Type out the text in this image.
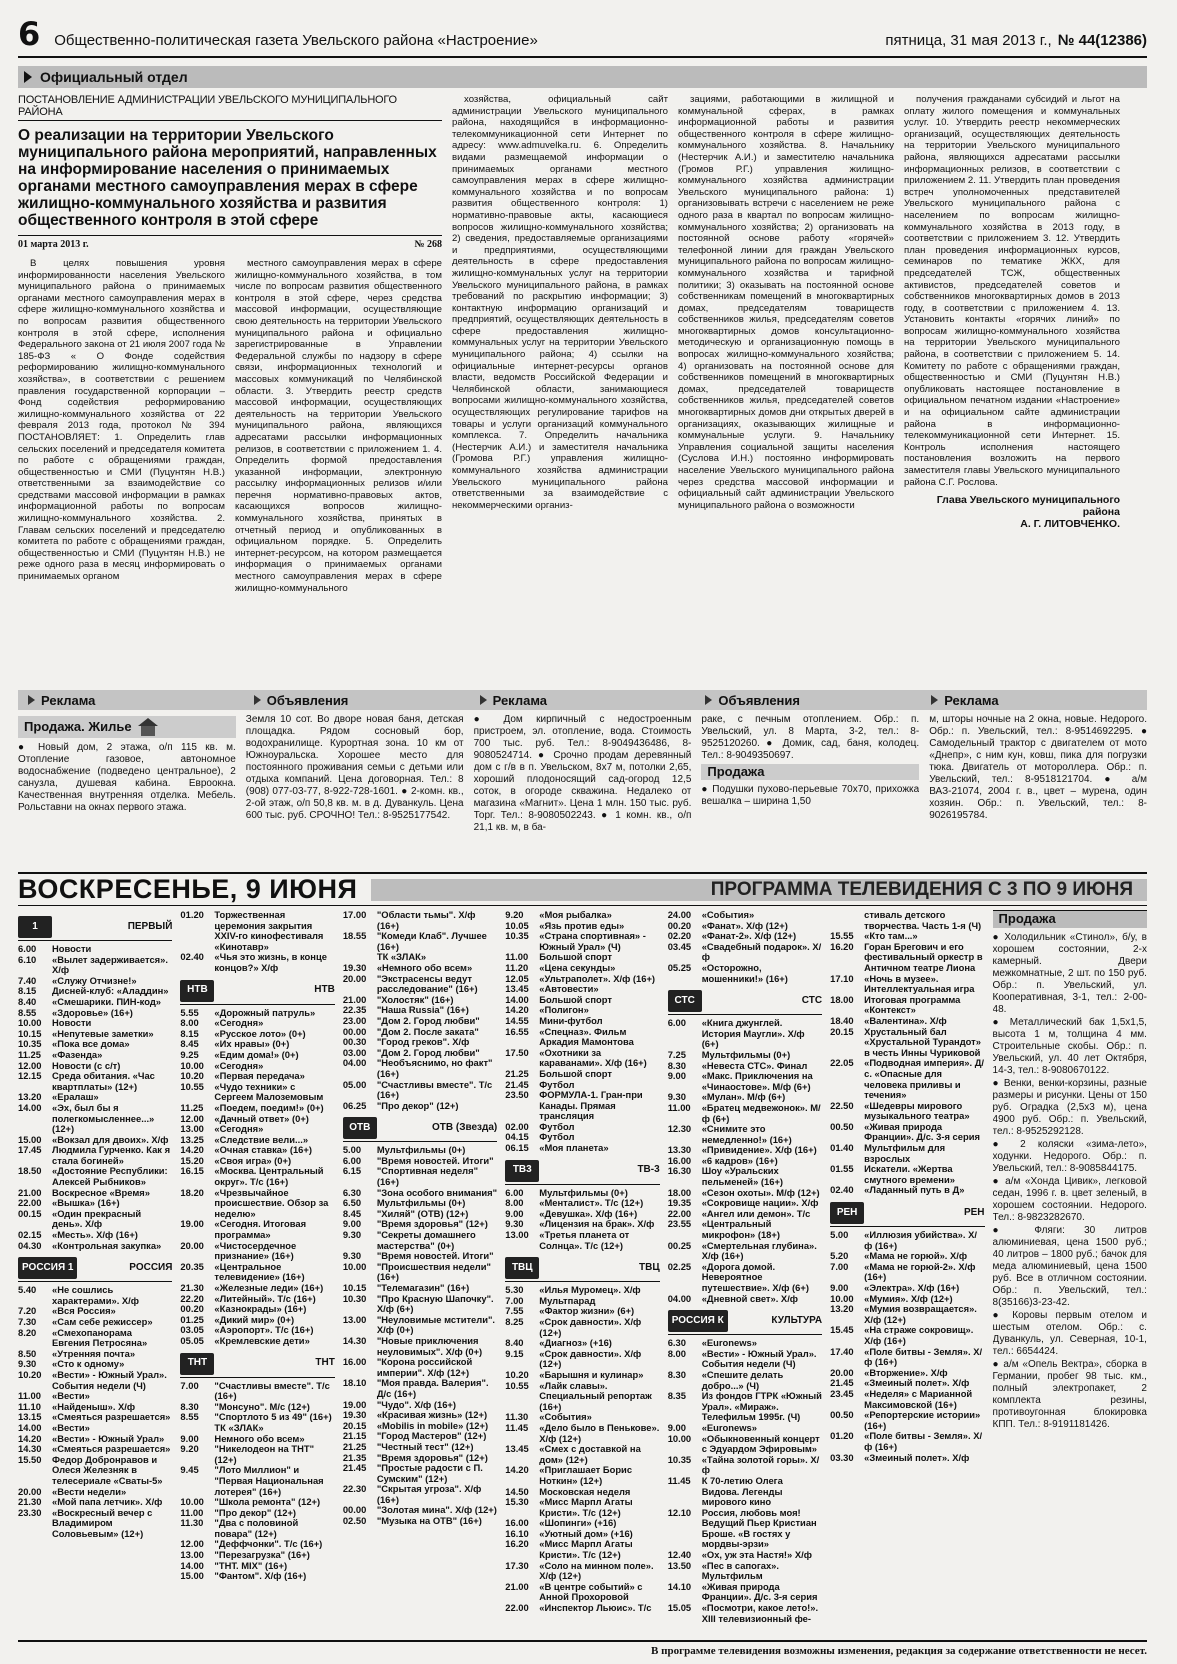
6 Общественно-политическая газета Увельского района «Настроение»	пятница, 31 мая 2013 г., № 44(12386)
Официальный отдел
ПОСТАНОВЛЕНИЕ АДМИНИСТРАЦИИ УВЕЛЬСКОГО МУНИЦИПАЛЬНОГО РАЙОНА
О реализации на территории Увельского муниципального района мероприятий, направленных на информирование населения о принимаемых органами местного самоуправления мерах в сфере жилищно-коммунального хозяйства и развития общественного контроля в этой сфере
01 марта 2013 г.	№ 268

В целях повышения уровня информированности населения Увельского муниципального района о принимаемых органами местного самоуправления мерах в сфере жилищно-коммунального хозяйства и по вопросам развития общественного контроля в этой сфере, исполнения Федерального закона от 21 июля 2007 года № 185-ФЗ « О Фонде содействия реформированию жилищно-коммунального хозяйства», в соответствии с решением правления государственной корпорации – Фонд содействия реформированию жилищно-коммунального хозяйства от 22 февраля 2013 года, протокол № 394 ПОСТАНОВЛЯЕТ: 1. Определить глав сельских поселений и председателя комитета по работе с обращениями граждан, общественностью и СМИ (Пуцунтян Н.В.) ответственными за взаимодействие со средствами массовой информации в рамках информационной работы по вопросам жилищно-коммунального хозяйства. 2. Главам сельских поселений и председателю комитета по работе с обращениями граждан, общественностью и СМИ (Пуцунтян Н.В.) не реже одного раза в месяц информировать о принимаемых органом

местного самоуправления мерах в сфере жилищно-коммунального хозяйства, в том числе по вопросам развития общественного контроля в этой сфере, через средства массовой информации, осуществляющие свою деятельность на территории Увельского муниципального района и официально зарегистрированные в Управлении Федеральной службы по надзору в сфере связи, информационных технологий и массовых коммуникаций по Челябинской области. 3. Утвердить реестр средств массовой информации, осуществляющих деятельность на территории Увельского муниципального района, являющихся адресатами рассылки информационных релизов, в соответствии с приложением 1. 4. Определить формой предоставления указанной информации, электронную рассылку информационных релизов и/или перечня нормативно-правовых актов, касающихся вопросов жилищно-коммунального хозяйства, принятых в отчетный период и опубликованных в официальном порядке. 5. Определить интернет-ресурсом, на котором размещается информация о принимаемых органами местного самоуправления мерах в сфере жилищно-коммунального

хозяйства, официальный сайт администрации Увельского муниципального района, находящийся в информационно-телекоммуникационной сети Интернет по адресу: www.admuvelka.ru. 6. Определить видами размещаемой информации о принимаемых органами местного самоуправления мерах в сфере жилищно-коммунального хозяйства и по вопросам развития общественного контроля: 1) нормативно-правовые акты, касающиеся вопросов жилищно-коммунального хозяйства; 2) сведения, предоставляемые организациями и предприятиями, осуществляющими деятельность в сфере предоставления жилищно-коммунальных услуг на территории Увельского муниципального района, в рамках требований по раскрытию информации; 3) контактную информацию организаций и предприятий, осуществляющих деятельность в сфере предоставления жилищно-коммунальных услуг на территории Увельского муниципального района; 4) ссылки на официальные интернет-ресурсы органов власти, ведомств Российской Федерации и Челябинской области, занимающиеся вопросами жилищно-коммунального хозяйства, осуществляющих регулирование тарифов на товары и услуги организаций коммунального комплекса. 7. Определить начальника (Нестерчик А.И.) и заместителя начальника (Громова Р.Г.) управления жилищно-коммунального хозяйства администрации Увельского муниципального района ответственными за взаимодействие с некоммерческими организ-

зациями, работающими в жилищной и коммунальной сферах, в рамках информационной работы и развития общественного контроля в сфере жилищно-коммунального хозяйства. 8. Начальнику (Нестерчик А.И.) и заместителю начальника (Громов Р.Г.) управления жилищно-коммунального хозяйства администрации Увельского муниципального района: 1) организовывать встречи с населением не реже одного раза в квартал по вопросам жилищно-коммунального хозяйства; 2) организовать на постоянной основе работу «горячей» телефонной линии для граждан Увельского муниципального района по вопросам жилищно-коммунального хозяйства и тарифной политики; 3) оказывать на постоянной основе собственникам помещений в многоквартирных домах, председателям товариществ собственников жилья, председателям советов многоквартирных домов консультационно-методическую и организационную помощь в вопросах жилищно-коммунального хозяйства; 4) организовать на постоянной основе для собственников помещений в многоквартирных домах, председателей товариществ собственников жилья, председателей советов многоквартирных домов дни открытых дверей в организациях, оказывающих жилищные и коммунальные услуги. 9. Начальнику Управления социальной защиты населения (Суслова И.Н.) постоянно информировать население Увельского муниципального района через средства массовой информации и официальный сайт администрации Увельского муниципального района о возможности

получения гражданами субсидий и льгот на оплату жилого помещения и коммунальных услуг. 10. Утвердить реестр некоммерческих организаций, осуществляющих деятельность на территории Увельского муниципального района, являющихся адресатами рассылки информационных релизов, в соответствии с приложением 2. 11. Утвердить план проведения встреч уполномоченных представителей Увельского муниципального района с населением по вопросам жилищно-коммунального хозяйства в 2013 году, в соответствии с приложением 3. 12. Утвердить план проведения информационных курсов, семинаров по тематике ЖКХ, для председателей ТСЖ, общественных активистов, председателей советов и собственников многоквартирных домов в 2013 году, в соответствии с приложением 4. 13. Установить контакты «горячих линий» по вопросам жилищно-коммунального хозяйства на территории Увельского муниципального района, в соответствии с приложением 5. 14. Комитету по работе с обращениями граждан, общественностью и СМИ (Пуцунтян Н.В.) опубликовать настоящее постановление в официальном печатном издании «Настроение» и на официальном сайте администрации района в информационно-телекоммуникационной сети Интернет. 15. Контроль исполнения настоящего постановления возложить на первого заместителя главы Увельского муниципального района С.Г. Рослова.

Глава Увельского муниципального района
А. Г. ЛИТОВЧЕНКО.
Реклама	Объявления	Реклама	Объявления	Реклама
Продажа. Жилье
● Новый дом, 2 этажа, о/п 115 кв. м. Отопление газовое, автономное водоснабжение (подведено центральное), 2 санузла, душевая кабина. Евроокна. Качественная внутренняя отделка. Мебель. Рольставни на окнах первого этажа.
Земля 10 сот. Во дворе новая баня, детская площадка. Рядом сосновый бор, водохранилище. Курортная зона. 10 км от Южноуральска. Хорошее место для постоянного проживания семьи с детьми или отдыха компаний. Цена договорная. Тел.: 8 (908) 077-03-77, 8-922-728-1601. ● 2-комн. кв., 2-ой этаж, о/п 50,8 кв. м. в д. Дуванкуль. Цена 600 тыс. руб. СРОЧНО! Тел.: 8-9525177542.
● Дом кирпичный с недостроенным пристроем, эл. отопление, вода. Стоимость 700 тыс. руб. Тел.: 8-9049436486, 8-9080524714. ● Срочно продам деревянный дом с г/в в п. Увельском, 8х7 м, потолки 2,65, хороший плодоносящий сад-огород 12,5 соток, в огороде скважина. Недалеко от магазина «Магнит». Цена 1 млн. 150 тыс. руб. Торг. Тел.: 8-9080502243. ● 1 комн. кв., о/п 21,1 кв. м, в ба-
раке, с печным отоплением. Обр.: п. Увельский, ул. 8 Марта, 3-2, тел.: 8-9525120260. ● Домик, сад, баня, колодец. Тел.: 8-9049350697.
Продажа
● Подушки пухово-перьевые 70х70, прихожка вешалка – ширина 1,50
м, шторы ночные на 2 окна, новые. Недорого. Обр.: п. Увельский, тел.: 8-9514692295. ● Самодельный трактор с двигателем от мото «Днепр», с ним кун, ковш, пика для погрузки тюка. Двигатель от мотороллера. Обр.: п. Увельский, тел.: 8-9518121704. ● а/м ВАЗ-21074, 2004 г. в., цвет – мурена, один хозяин. Обр.: п. Увельский, тел.: 8-9026195784.
ВОСКРЕСЕНЬЕ, 9 ИЮНЯ	ПРОГРАММА ТЕЛЕВИДЕНИЯ С 3 ПО 9 ИЮНЯ
1	ПЕРВЫЙ
6.00	Новости
6.10	«Вылет задерживается». Х/ф
7.40	«Служу Отчизне!»
8.15	Дисней-клуб: «Аладдин»
8.40	«Смешарики. ПИН-код»
8.55	«Здоровье» (16+)
10.00	Новости
10.15	«Непутевые заметки»
10.35	«Пока все дома»
11.25	«Фазенда»
12.00	Новости (с с/т)
12.15	Среда обитания. «Час квартплаты» (12+)
13.20	«Ералаш»
14.00	«Эх, был бы я полегкомысленнее...» (12+)
15.00	«Вокзал для двоих». Х/ф
17.45	Людмила Гурченко. Как я стала богиней»
18.50	«Достояние Республики: Алексей Рыбников»
21.00	Воскресное «Время»
22.00	«Вышка» (16+)
00.15	«Один прекрасный день». Х/ф
02.15	«Месть». Х/ф (16+)
04.30	«Контрольная закупка»
РОССИЯ 1	РОССИЯ
5.40	«Не сошлись характерами». Х/ф
7.20	«Вся Россия»
7.30	«Сам себе режиссер»
8.20	«Смехопанорама Евгения Петросяна»
8.50	«Утренняя почта»
9.30	«Сто к одному»
10.20	«Вести» - Южный Урал». События недели (Ч)
11.00	«Вести»
11.10	«Найденыш». Х/ф
13.15	«Смеяться разрешается»
14.00	«Вести»
14.20	«Вести» - Южный Урал»
14.30	«Смеяться разрешается»
15.50	Федор Добронравов и Олеся Железняк в телесериале «Сваты-5»
20.00	«Вести недели»
21.30	«Мой папа летчик». Х/ф
23.30	«Воскресный вечер с Владимиром Соловьевым» (12+)
01.20	Торжественная церемония закрытия XXIV-го кинофестиваля «Кинотавр»
02.40	«Чья это жизнь, в конце концов?» Х/ф
НТВ	НТВ
5.55	«Дорожный патруль»
8.00	«Сегодня»
8.15	«Русское лото» (0+)
8.45	«Их нравы» (0+)
9.25	«Едим дома!» (0+)
10.00	«Сегодня»
10.20	«Первая передача»
10.55	«Чудо техники» с Сергеем Малоземовым
11.25	«Поедем, поедим!» (0+)
12.00	«Дачный ответ» (0+)
13.00	«Сегодня»
13.25	«Следствие вели...»
14.20	«Очная ставка» (16+)
15.20	«Своя игра» (0+)
16.15	«Москва. Центральный округ». Т/с (16+)
18.20	«Чрезвычайное происшествие. Обзор за неделю»
19.00	«Сегодня. Итоговая программа»
20.00	«Чистосердечное признание» (16+)
20.35	«Центральное телевидение» (16+)
21.30	«Железные леди» (16+)
22.20	«Литейный». Т/с (16+)
00.20	«Казнокрады» (16+)
01.25	«Дикий мир» (0+)
03.05	«Аэропорт». Т/с (16+)
05.05	«Кремлевские дети»
ТНТ	ТНТ
7.00	"Счастливы вместе". Т/с (16+)
8.30	"Монсуно". М/с (12+)
8.55	"Спортлото 5 из 49" (16+)
ТК «ЗЛАК»
9.00	Немного обо всем»
9.20	"Никелодеон на ТНТ" (12+)
9.45	"Лото Миллион" и "Первая Национальная лотерея" (16+)
10.00	"Школа ремонта" (12+)
11.00	"Про декор" (12+)
11.30	"Два с половиной повара" (12+)
12.00	"Деффчонки". Т/с (16+)
13.00	"Перезагрузка" (16+)
14.00	"ТНТ. MIX" (16+)
15.00	"Фантом". Х/ф (16+)
17.00	"Области тьмы". Х/ф (16+)
18.55	"Комеди Клаб". Лучшее (16+)
ТК «ЗЛАК»
19.30	«Немного обо всем»
20.00	"Экстрасенсы ведут расследование" (16+)
21.00	"Холостяк" (16+)
22.35	"Наша Russia" (16+)
23.00	"Дом 2. Город любви"
00.00	"Дом 2. После заката"
00.30	"Город греков". Х/ф
03.00	"Дом 2. Город любви"
04.00	"Необъяснимо, но факт" (16+)
05.00	"Счастливы вместе". Т/с (16+)
06.25	"Про декор" (12+)
ОТВ	ОТВ (Звезда)
5.00	Мультфильмы (0+)
6.00	"Время новостей. Итоги"
6.15	"Спортивная неделя" (16+)
6.30	"Зона особого внимания"
6.50	Мультфильмы (0+)
8.45	"Хиляй" (ОТВ) (12+)
9.00	"Время здоровья" (12+)
9.30	"Секреты домашнего мастерства" (0+)
9.30	"Время новостей. Итоги"
10.00	"Происшествия недели" (16+)
10.15	"Телемагазин" (16+)
10.30	"Про Красную Шапочку". Х/ф (6+)
13.00	"Неуловимые мстители". Х/ф (0+)
14.30	"Новые приключения неуловимых". Х/ф (0+)
16.00	"Корона российской империи". Х/ф (12+)
18.10	"Моя правда. Валерия". Д/с (16+)
19.00	"Чудо". Х/ф (16+)
19.30	«Красивая жизнь» (12+)
20.15	«Mobilis in mobile» (12+)
21.15	"Город Мастеров" (12+)
21.25	"Честный тест" (12+)
21.35	"Время здоровья" (12+)
21.45	"Простые радости с П. Сумским" (12+)
22.30	"Скрытая угроза". Х/ф (16+)
00.00	"Золотая мина". Х/ф (12+)
02.50	"Музыка на ОТВ" (16+)
9.20	«Моя рыбалка»
10.05	«Язь против еды»
10.35	«Страна спортивная» - Южный Урал» (Ч)
11.00	Большой спорт
11.20	«Цена секунды»
12.05	«Ультраполет». Х/ф (16+)
13.45	«Автовести»
14.00	Большой спорт
14.20	«Полигон»
14.55	Мини-футбол
16.55	«Спецназ». Фильм Аркадия Мамонтова
17.50	«Охотники за караванами». Х/ф (16+)
21.25	Большой спорт
21.45	Футбол
23.50	ФОРМУЛА-1. Гран-при Канады. Прямая трансляция
02.00	Футбол
04.15	Футбол
06.15	«Моя планета»
ТВ3	ТВ-3
6.00	Мультфильмы (0+)
8.00	«Менталист». Т/с (12+)
9.00	«Девушка». Х/ф (16+)
9.30	«Лицензия на брак». Х/ф
13.00	«Третья планета от Солнца». Т/с (12+)
ТВЦ	ТВЦ
5.30	«Илья Муромец». Х/ф
7.00	Мультпарад
7.55	«Фактор жизни» (6+)
8.25	«Срок давности». Х/ф (12+)
8.40	«Диагноз» (+16)
9.15	«Срок давности». Х/ф (12+)
10.20	«Барышня и кулинар»
10.55	«Лайк славы». Специальный репортаж (16+)
11.30	«События»
11.45	«Дело было в Пенькове». Х/ф (12+)
13.45	«Смех с доставкой на дом» (12+)
14.20	«Приглашает Борис Ноткин» (12+)
14.50	Московская неделя
15.30	«Мисс Марпл Агаты Кристи». Т/с (12+)
16.00	«Шопинги» (+16)
16.10	«Уютный дом» (+16)
16.20	«Мисс Марпл Агаты Кристи». Т/с (12+)
17.30	«Соло на минном поле». Х/ф (12+)
21.00	«В центре событий» с Анной Прохоровой
22.00	«Инспектор Льюис». Т/с
24.00	«События»
00.20	«Фанат». Х/ф (12+)
02.20	«Фанат-2». Х/ф (12+)
03.45	«Свадебный подарок». Х/ф
05.25	«Осторожно, мошенники!» (16+)
СТС	СТС
6.00	«Книга джунглей. История Маугли». Х/ф (6+)
7.25	Мультфильмы (0+)
8.30	«Невеста СТС». Финал
9.00	«Макс. Приключения на «Чинаостове». М/ф (6+)
9.30	«Мулан». М/ф (6+)
11.00	«Братец медвежонок». М/ф (6+)
12.30	«Снимите это немедленно!» (16+)
13.30	«Привидение». Х/ф (16+)
16.00	«6 кадров» (16+)
16.30	Шоу «Уральских пельменей» (16+)
18.00	«Сезон охоты». М/ф (12+)
19.35	«Сокровище нации». Х/ф
22.00	«Ангел или демон». Т/с
23.55	«Центральный микрофон» (18+)
00.25	«Смертельная глубина». Х/ф (16+)
02.25	«Дорога домой. Невероятное путешествие». Х/ф (6+)
04.00	«Дневной свет». Х/ф
РОССИЯ К	КУЛЬТУРА
6.30	«Euronews»
8.00	«Вести» - Южный Урал». События недели (Ч)
8.30	«Спешите делать добро...» (Ч)
8.35	Из фондов ГТРК «Южный Урал». «Мираж». Телефильм 1995г. (Ч)
9.00	«Euronews»
10.00	«Обыкновенный концерт с Эдуардом Эфировым»
10.35	«Тайна золотой горы». Х/ф
11.45	К 70-летию Олега Видова. Легенды мирового кино
12.10	Россия, любовь моя! Ведущий Пьер Кристиан Броше. «В гостях у мордвы-эрзи»
12.40	«Ох, уж эта Настя!» Х/ф
13.50	«Пес в сапогах». Мультфильм
14.10	«Живая природа Франции». Д/с. 3-я серия
15.05	«Посмотри, какое лето!». XIII телевизионный фе-
стиваль детского творчества. Часть 1-я (Ч)
15.55	«Кто там...»
16.20	Горан Брегович и его фестивальный оркестр в Античном театре Лиона
17.10	«Ночь в музее». Интеллектуальная игра
18.00	Итоговая программа «Контекст»
18.40	«Валентина». Х/ф
20.15	Хрустальный бал «Хрустальной Турандот» в честь Инны Чуриковой
22.05	«Подводная империя». Д/с. «Опасные для человека приливы и течения»
22.50	«Шедевры мирового музыкального театра»
00.50	«Живая природа Франции». Д/с. 3-я серия
01.40	Мультфильм для взрослых
01.55	Искатели. «Жертва смутного времени»
02.40	«Ладанный путь в Д»
РЕН	РЕН
5.00	«Иллюзия убийства». Х/ф (16+)
5.20	«Мама не горюй». Х/ф
7.00	«Мама не горюй-2». Х/ф (16+)
9.00	«Электра». Х/ф (16+)
10.00	«Мумия». Х/ф (12+)
13.20	«Мумия возвращается». Х/ф (12+)
15.45	«На страже сокровищ». Х/ф (16+)
17.40	«Поле битвы - Земля». Х/ф (16+)
20.00	«Вторжение». Х/ф
21.45	«Змеиный полет». Х/ф
23.45	«Неделя» с Марианной Максимовской (16+)
00.50	«Репортерские истории» (16+)
01.20	«Поле битвы - Земля». Х/ф (16+)
03.30	«Змеиный полет». Х/ф
Продажа
● Холодильник «Стинол», б/у, в хорошем состоянии, 2-х камерный. Двери межкомнатные, 2 шт. по 150 руб. Обр.: п. Увельский, ул. Кооперативная, 3-1, тел.: 2-00-48.
● Металлический бак 1,5х1,5, высота 1 м, толщина 4 мм. Строительные скобы. Обр.: п. Увельский, ул. 40 лет Октября, 14-3, тел.: 8-9080670122.
● Венки, венки-корзины, разные размеры и рисунки. Цены от 150 руб. Оградка (2,5х3 м), цена 4900 руб. Обр.: п. Увельский, тел.: 8-9525292128.
● 2 коляски «зима-лето», ходунки. Недорого. Обр.: п. Увельский, тел.: 8-9085844175.
● а/м «Хонда Цивик», легковой седан, 1996 г. в. цвет зеленый, в хорошем состоянии. Недорого. Тел.: 8-9823282670.
● Фляги: 30 литров алюминиевая, цена 1500 руб.; 40 литров – 1800 руб.; бачок для меда алюминиевый, цена 1500 руб. Все в отличном состоянии. Обр.: п. Увельский, тел.: 8(35166)3-23-42.
● Коровы первым отелом и шестым отелом. Обр.: с. Дуванкуль, ул. Северная, 10-1, тел.: 6654424.
● а/м «Опель Вектра», сборка в Германии, пробег 98 тыс. км., полный электропакет, 2 комплекта резины, противоугонная блокировка КПП. Тел.: 8-9191181426.
В программе телевидения возможны изменения, редакция за содержание ответственности не несет.
